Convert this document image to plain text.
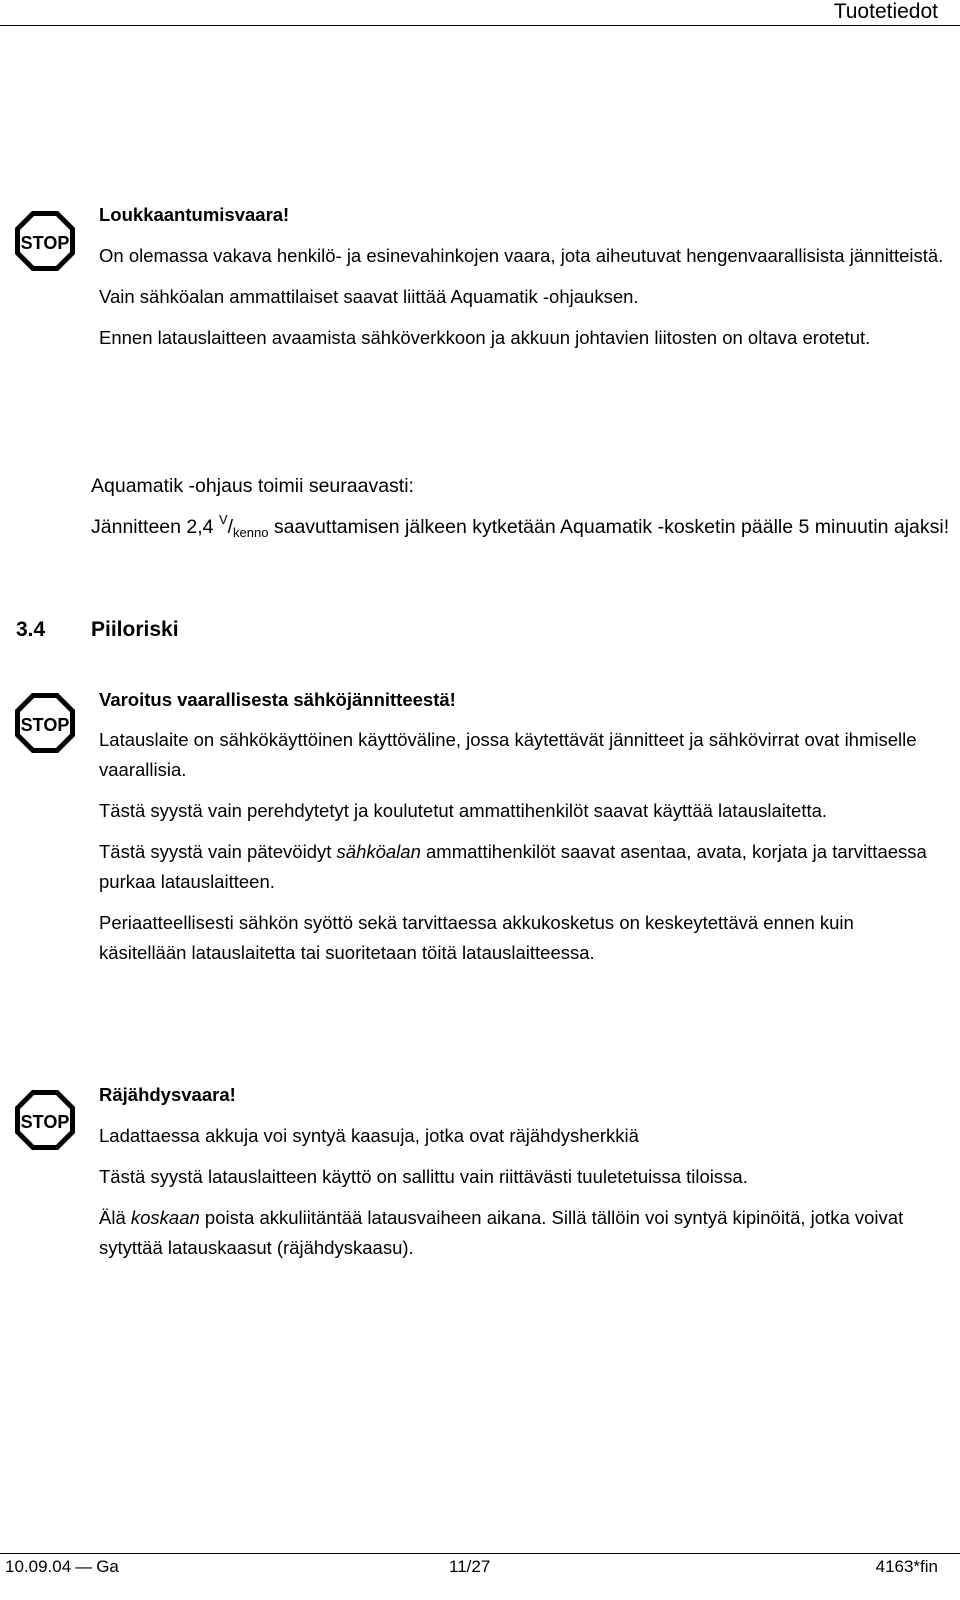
Tuotetiedot
STOP

Loukkaantumisvaara!

On olemassa vakava henkilö- ja esinevahinkojen vaara, jota aiheutuvat hengenvaarallisista jännitteistä.

Vain sähköalan ammattilaiset saavat liittää Aquamatik -ohjauksen.

Ennen latauslaitteen avaamista sähköverkkoon ja akkuun johtavien liitosten on oltava erotetut.

Aquamatik -ohjaus toimii seuraavasti:

Jännitteen 2,4 $^V/_{kenno}$ saavuttamisen jälkeen kytketään Aquamatik -kosketin päälle 5 minuutin ajaksi!

3.4 Piiloriski
STOP

Varoitus vaarallisesta sähköjännitteestä!

Latauslaite on sähkökäyttöinen käyttöväline, jossa käytettävät jännitteet ja sähkövirrat ovat ihmiselle vaarallisia.

Tästä syystä vain perehdytetyt ja koulutetut ammattihenkilöt saavat käyttää latauslaitetta.

Tästä syystä vain pätevöidyt sähköalan ammattihenkilöt saavat asentaa, avata, korjata ja tarvittaessa purkaa latauslaitteen.

Periaatteellisesti sähkön syöttö sekä tarvittaessa akkukosketus on keskeytettävä ennen kuin käsitellään latauslaitetta tai suoritetaan töitä latauslaitteessa.

STOP

Räjähdysvaara!

Ladattaessa akkuja voi syntyä kaasuja, jotka ovat räjähdysherkkiä

Tästä syystä latauslaitteen käyttö on sallittu vain riittävästi tuuletetuissa tiloissa.

Älä koskaan poista akkuliitäntää latausvaiheen aikana. Sillä tällöin voi syntyä kipinöitä, jotka voivat sytyttää latauskaasut (räjähdyskaasu).

10.09.04 — Ga	11/27	4163*fin
